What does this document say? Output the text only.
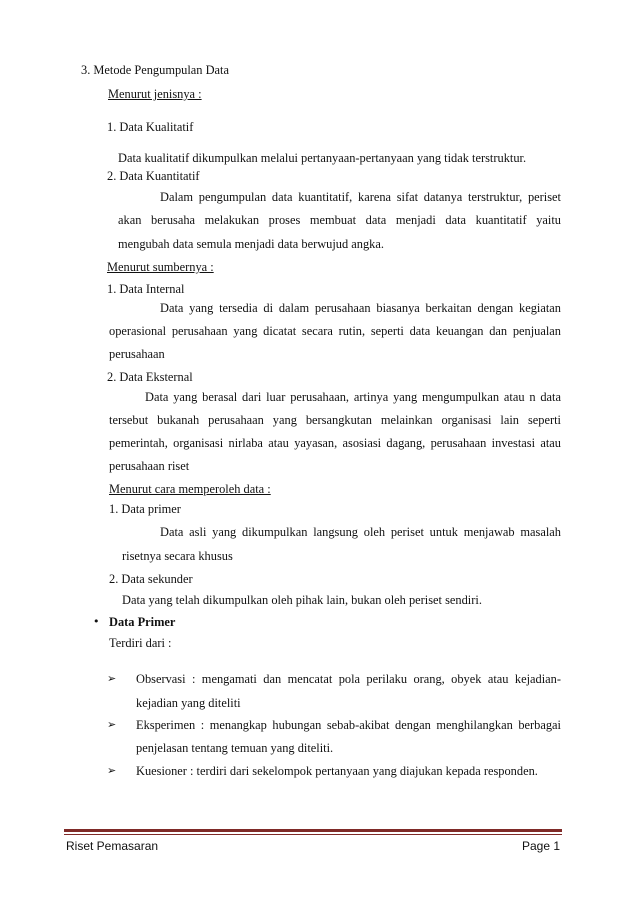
3. Metode Pengumpulan Data
Menurut jenisnya :
1. Data Kualitatif
Data kualitatif dikumpulkan melalui pertanyaan-pertanyaan yang tidak terstruktur.
2. Data Kuantitatif
Dalam pengumpulan data kuantitatif, karena sifat datanya terstruktur, periset
akan berusaha melakukan proses membuat data menjadi data kuantitatif yaitu
mengubah data semula menjadi data berwujud angka.
Menurut sumbernya :
1. Data Internal
Data yang tersedia di dalam perusahaan biasanya berkaitan dengan kegiatan
operasional perusahaan yang dicatat secara rutin, seperti data keuangan dan penjualan
perusahaan
2. Data Eksternal
Data yang berasal dari luar perusahaan, artinya yang mengumpulkan atau n data
tersebut bukanah perusahaan yang bersangkutan melainkan organisasi lain seperti
pemerintah, organisasi nirlaba atau yayasan, asosiasi dagang, perusahaan investasi atau
perusahaan riset
Menurut cara memperoleh data :
1. Data primer
Data asli yang dikumpulkan langsung oleh periset untuk menjawab masalah
risetnya secara khusus
2. Data sekunder
Data yang telah dikumpulkan oleh pihak lain, bukan oleh periset sendiri.
• Data Primer
Terdiri dari :
➢ Observasi : mengamati dan mencatat pola perilaku orang, obyek atau kejadian-
kejadian yang diteliti
➢ Eksperimen : menangkap hubungan sebab-akibat dengan menghilangkan berbagai
penjelasan tentang temuan yang diteliti.
➢ Kuesioner : terdiri dari sekelompok pertanyaan yang diajukan kepada responden.
Riset Pemasaran	Page 1
